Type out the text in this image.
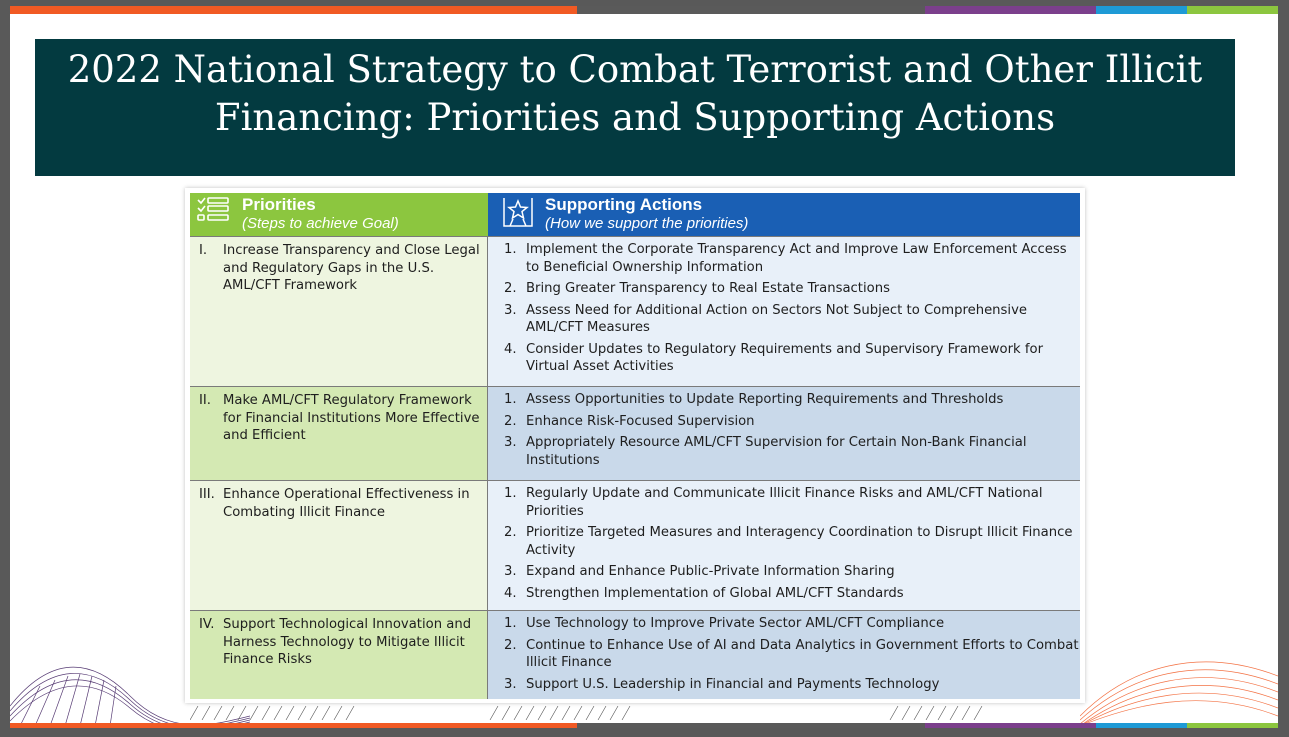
2022 National Strategy to Combat Terrorist and Other Illicit
Financing: Priorities and Supporting Actions
Priorities
(Steps to achieve Goal)
Supporting Actions
(How we support the priorities)
I.	Increase Transparency and Close Legal and Regulatory Gaps in the U.S. AML/CFT Framework
1. Implement the Corporate Transparency Act and Improve Law Enforcement Access to Beneficial Ownership Information
2. Bring Greater Transparency to Real Estate Transactions
3. Assess Need for Additional Action on Sectors Not Subject to Comprehensive AML/CFT Measures
4. Consider Updates to Regulatory Requirements and Supervisory Framework for Virtual Asset Activities
II. Make AML/CFT Regulatory Framework for Financial Institutions More Effective and Efficient
1. Assess Opportunities to Update Reporting Requirements and Thresholds
2. Enhance Risk-Focused Supervision
3. Appropriately Resource AML/CFT Supervision for Certain Non-Bank Financial Institutions
III. Enhance Operational Effectiveness in Combating Illicit Finance
1. Regularly Update and Communicate Illicit Finance Risks and AML/CFT National Priorities
2. Prioritize Targeted Measures and Interagency Coordination to Disrupt Illicit Finance Activity
3. Expand and Enhance Public-Private Information Sharing
4. Strengthen Implementation of Global AML/CFT Standards
IV. Support Technological Innovation and Harness Technology to Mitigate Illicit Finance Risks
1. Use Technology to Improve Private Sector AML/CFT Compliance
2. Continue to Enhance Use of AI and Data Analytics in Government Efforts to Combat Illicit Finance
3. Support U.S. Leadership in Financial and Payments Technology
